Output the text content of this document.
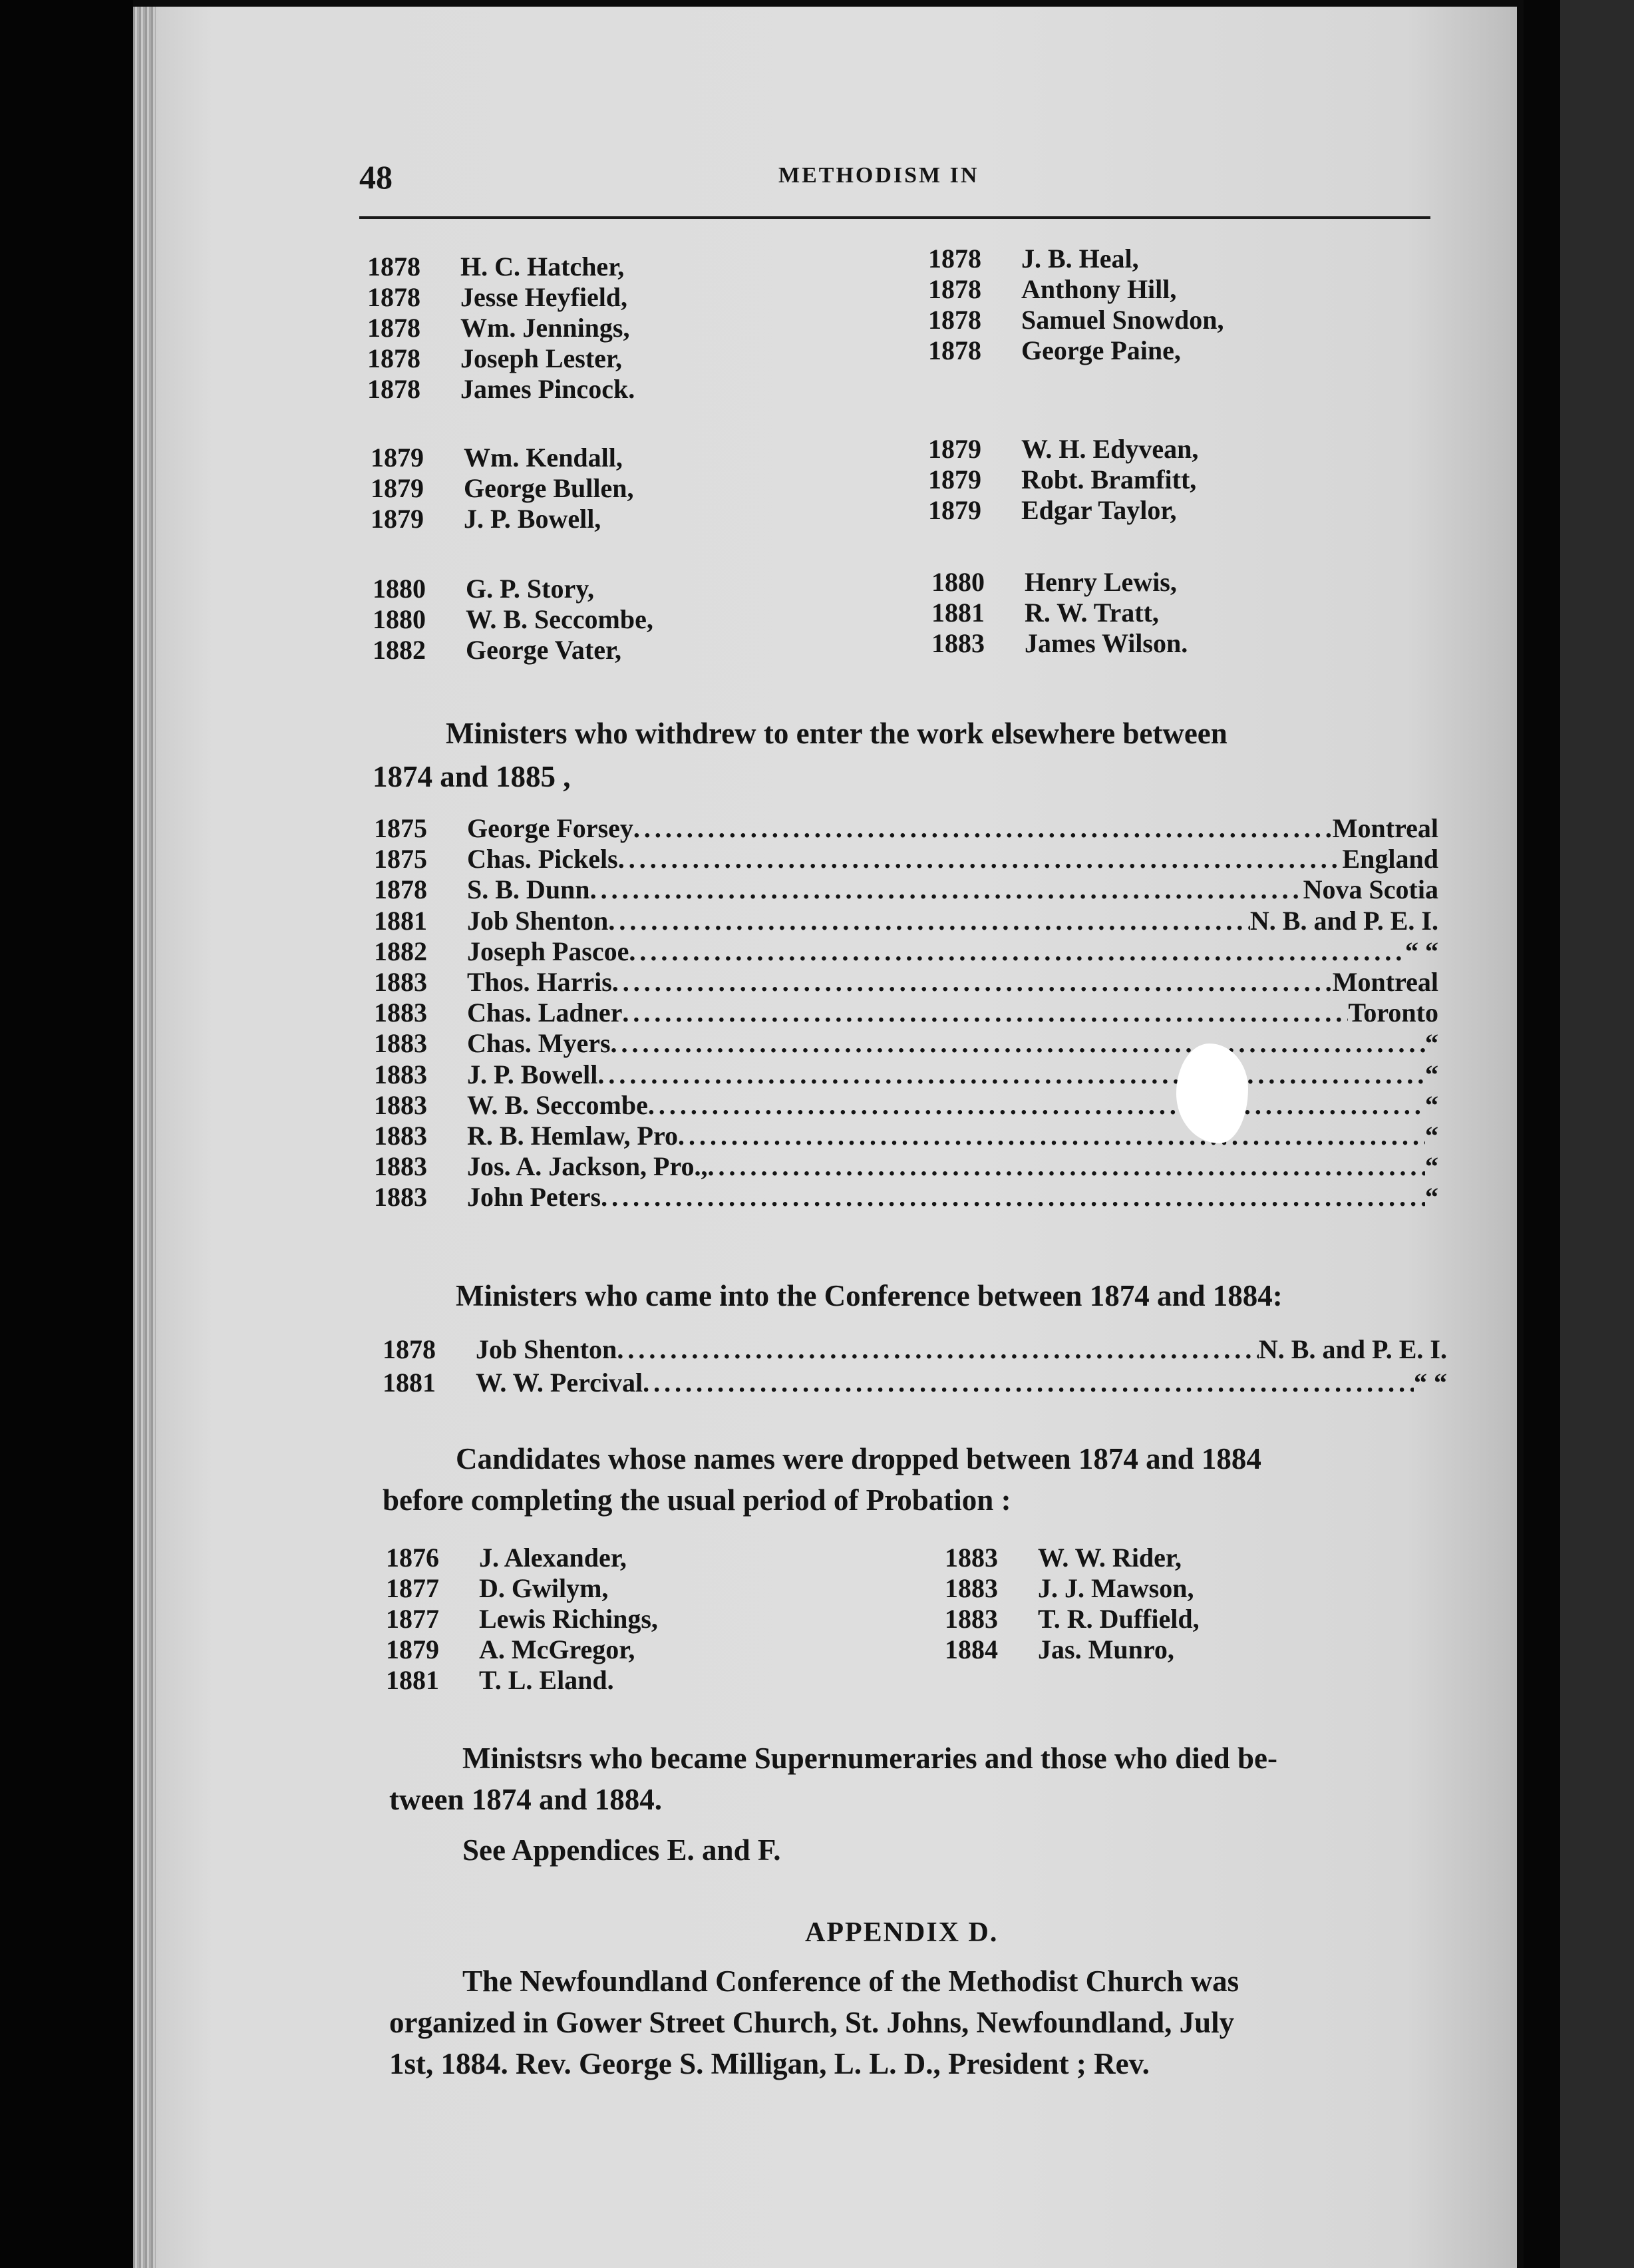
48	METHODISM IN
1878 H. C. Hatcher,
1878 Jesse Heyfield,
1878 Wm. Jennings,
1878 Joseph Lester,
1878 James Pincock.
1878 J. B. Heal,
1878 Anthony Hill,
1878 Samuel Snowdon,
1878 George Paine,
1879 Wm. Kendall,
1879 George Bullen,
1879 J. P. Bowell,
1879 W. H. Edyvean,
1879 Robt. Bramfitt,
1879 Edgar Taylor,
1880 G. P. Story,
1880 W. B. Seccombe,
1882 George Vater,
1880 Henry Lewis,
1881 R. W. Tratt,
1883 James Wilson.
1876 J. Alexander,
1877 D. Gwilym,
1877 Lewis Richings,
1879 A. McGregor,
1881 T. L. Eland.
1883 W. W. Rider,
1883 J. J. Mawson,
1883 T. R. Duffield,
1884 Jas. Munro,
Ministers who withdrew to enter the work elsewhere between
1874 and 1885 ,
1875	George Forsey .....	Montreal
1875	Chas. Pickels .....	England
1878	S. B. Dunn .....	Nova Scotia
1881	Job Shenton .....	N. B. and P. E. I.
1882	Joseph Pascoe .....	“ “
1883	Thos. Harris .....	Montreal
1883	Chas. Ladner .....	Toronto
1883	Chas. Myers .....	“
1883	J. P. Bowell .....	“
1883	W. B. Seccombe .....	“
1883	R. B. Hemlaw, Pro .....	“
1883	Jos. A. Jackson, Pro., .....	“
1883	John Peters .....	“
Ministers who came into the Conference between 1874 and 1884:
1878	Job Shenton .....	N. B. and P. E. I.
1881	W. W. Percival .....	“ “
Candidates whose names were dropped between 1874 and 1884
before completing the usual period of Probation :
Ministsrs who became Supernumeraries and those who died be-
tween 1874 and 1884.
See Appendices E. and F.
APPENDIX D.
The Newfoundland Conference of the Methodist Church was
organized in Gower Street Church, St. Johns, Newfoundland, July
1st, 1884. Rev. George S. Milligan, L. L. D., President ; Rev.
